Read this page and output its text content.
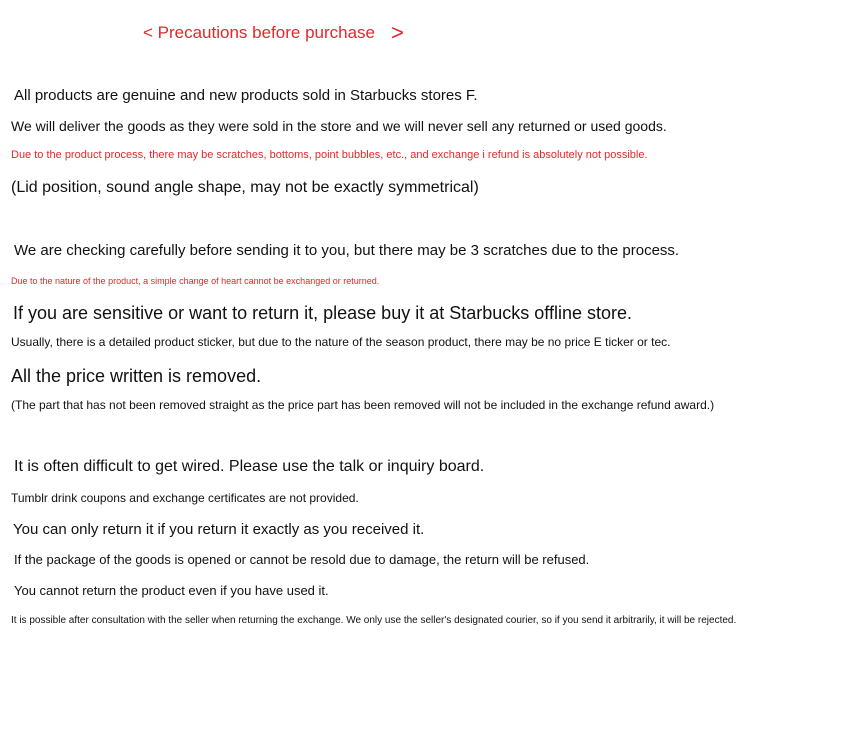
< Precautions before purchase >
All products are genuine and new products sold in Starbucks stores F.
We will deliver the goods as they were sold in the store and we will never sell any returned or used goods.
Due to the product process, there may be scratches, bottoms, point bubbles, etc., and exchange i refund is absolutely not possible.
(Lid position, sound angle shape, may not be exactly symmetrical)
We are checking carefully before sending it to you, but there may be 3 scratches due to the process.
Due to the nature of the product, a simple change of heart cannot be exchanged or returned.
If you are sensitive or want to return it, please buy it at Starbucks offline store.
Usually, there is a detailed product sticker, but due to the nature of the season product, there may be no price E ticker or tec.
All the price written is removed.
(The part that has not been removed straight as the price part has been removed will not be included in the exchange refund award.)
It is often difficult to get wired. Please use the talk or inquiry board.
Tumblr drink coupons and exchange certificates are not provided.
You can only return it if you return it exactly as you received it.
If the package of the goods is opened or cannot be resold due to damage, the return will be refused.
You cannot return the product even if you have used it.
It is possible after consultation with the seller when returning the exchange. We only use the seller's designated courier, so if you send it arbitrarily, it will be rejected.
